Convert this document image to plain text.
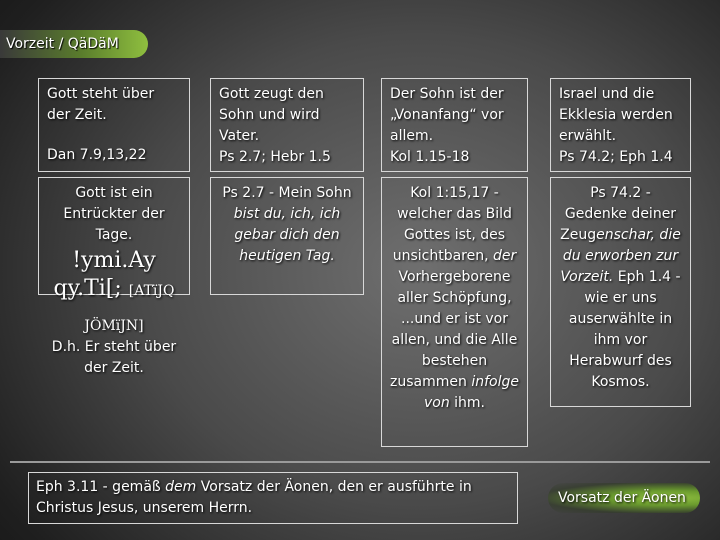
Vorzeit / QäDäM
Gott steht über der Zeit.
Dan 7.9,13,22
Gott zeugt den Sohn und wird Vater.
Ps 2.7; Hebr 1.5
Der Sohn ist der „Vonanfang“ vor allem.
Kol 1.15-18
Israel und die Ekklesia werden erwählt.
Ps 74.2; Eph 1.4
Gott ist ein Entrückter der Tage.
!ymi.Ay
qy.Ti[; [ATïJQ
JÖMïJN]
D.h. Er steht über der Zeit.
Ps 2.7 - Mein Sohn bist du, ich, ich gebar dich den heutigen Tag.
Kol 1:15,17 - welcher das Bild Gottes ist, des unsichtbaren, der Vorhergeborene aller Schöpfung, ...und er ist vor allen, und die Alle bestehen zusammen infolge von ihm.
Ps 74.2 - Gedenke deiner Zeugenschar, die du erworben zur Vorzeit. Eph 1.4 - wie er uns auserwählte in ihm vor Herabwurf des Kosmos.
Eph 3.11 - gemäß dem Vorsatz der Äonen, den er ausführte in Christus Jesus, unserem Herrn.
Vorsatz der Äonen
